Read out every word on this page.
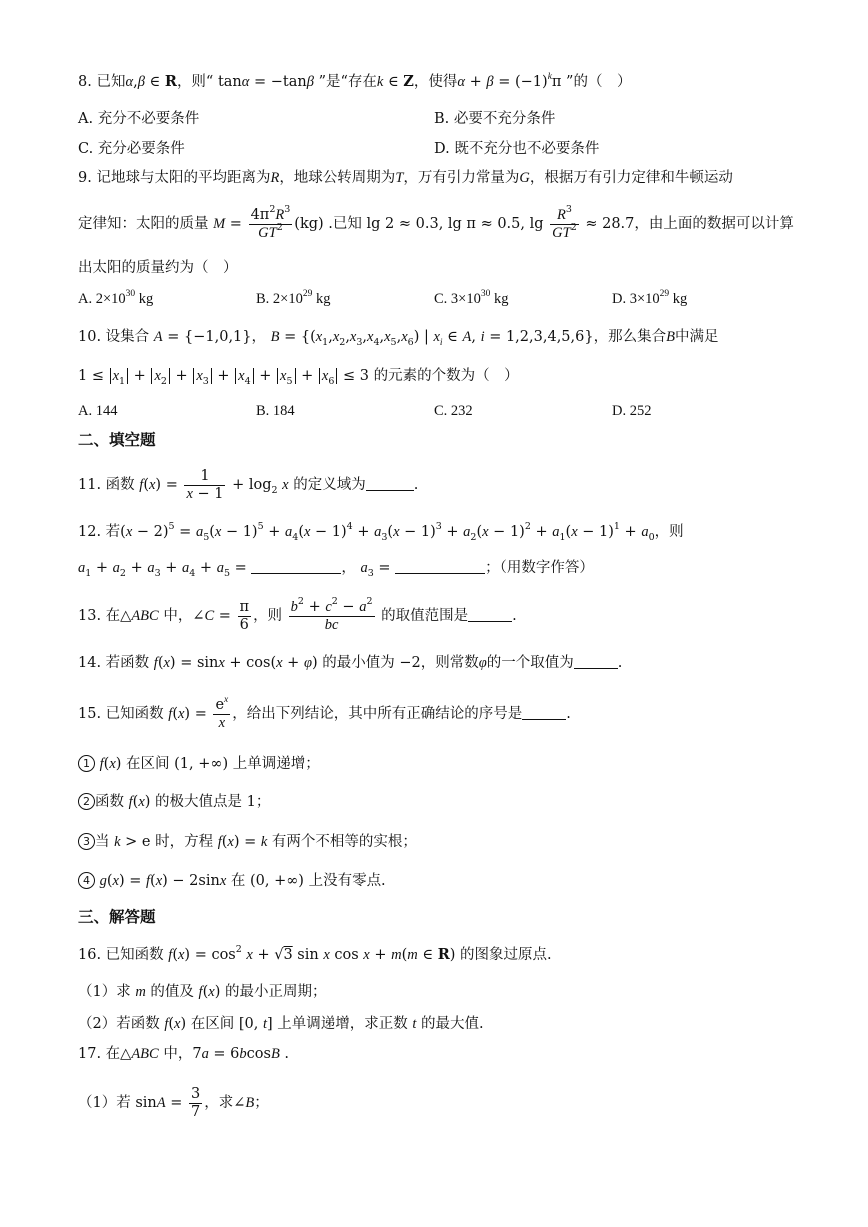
8. 已知α,β ∈ R，则“ tanα = −tanβ ”是“存在k ∈ Z，使得$\alpha + \beta = (-1)^k\pi$ ”的（　）
A. 充分不必要条件	B. 必要不充分条件
C. 充分必要条件	D. 既不充分也不必要条件
9. 记地球与太阳的平均距离为R，地球公转周期为T，万有引力常量为G，根据万有引力定律和牛顿运动
定律知：太阳的质量 $M = \frac{4\pi^2R^3}{GT^2} (kg)$ .已知 lg 2 ≈ 0.3, lg π ≈ 0.5, $\lg \frac{R^3}{GT^2} \approx 28.7$，由上面的数据可以计算
出太阳的质量约为（　）
A. $2\times 10^{30}$ kg	B. $2\times 10^{29}$ kg	C. $3\times 10^{30}$ kg	D. $3\times 10^{29}$ kg
10. 设集合 A = {−1,0,1}， $B = \{(x_1,x_2,x_3,x_4,x_5,x_6)$ | $x_i$ ∈ A, i = 1,2,3,4,5,6}，那么集合B中满足
$1 \le x_1 + x_2 + x_3 + x_4 + x_5 + x_6 \le 3$ 的元素的个数为（　）
A. 144	B. 184	C. 232	D. 252
二、填空题
11. 函数 $f(x) = \frac{1}{x - 1} + \log_2 x$ 的定义域为	.
12. 若$(x - 2)^5 = a_5(x - 1)^5 + a_4(x - 1)^4 + a_3(x - 1)^3 + a_2(x - 1)^2 + a_1(x - 1)^1 + a_0$，则
$a_1 + a_2 + a_3 + a_4 + a_5$ =	， $a_3$ =	；（用数字作答）
13. 在△ABC 中，∠C = $\frac{\pi}{6}$ ，则 $\frac{b^2 + c^2 - a^2}{bc}$ 的取值范围是	.
14. 若函数 f(x) = sinx + cos(x + φ) 的最小值为 −2，则常数φ的一个取值为	.
15. 已知函数 $f(x) = \frac{e^x}{x}$ ，给出下列结论，其中所有正确结论的序号是	.
1 f(x) 在区间 (1, +∞) 上单调递增；
2 函数 f(x) 的极大值点是 1；
3 当 k > e 时，方程 f(x) = k 有两个不相等的实根；
4 g(x) = f(x) − 2sinx 在 (0, +∞) 上没有零点.
三、解答题
16. 已知函数 $f(x) = \cos^2 x + √3$ sin x cos x + m(m ∈ R) 的图象过原点.
（1）求 m 的值及 f(x) 的最小正周期；
（2）若函数 f(x) 在区间 [0, t] 上单调递增，求正数 t 的最大值.
17. 在△ABC 中，7a = 6bcosB .
（1）若 $\sin A = \frac{3}{7}$ ，求∠B；
